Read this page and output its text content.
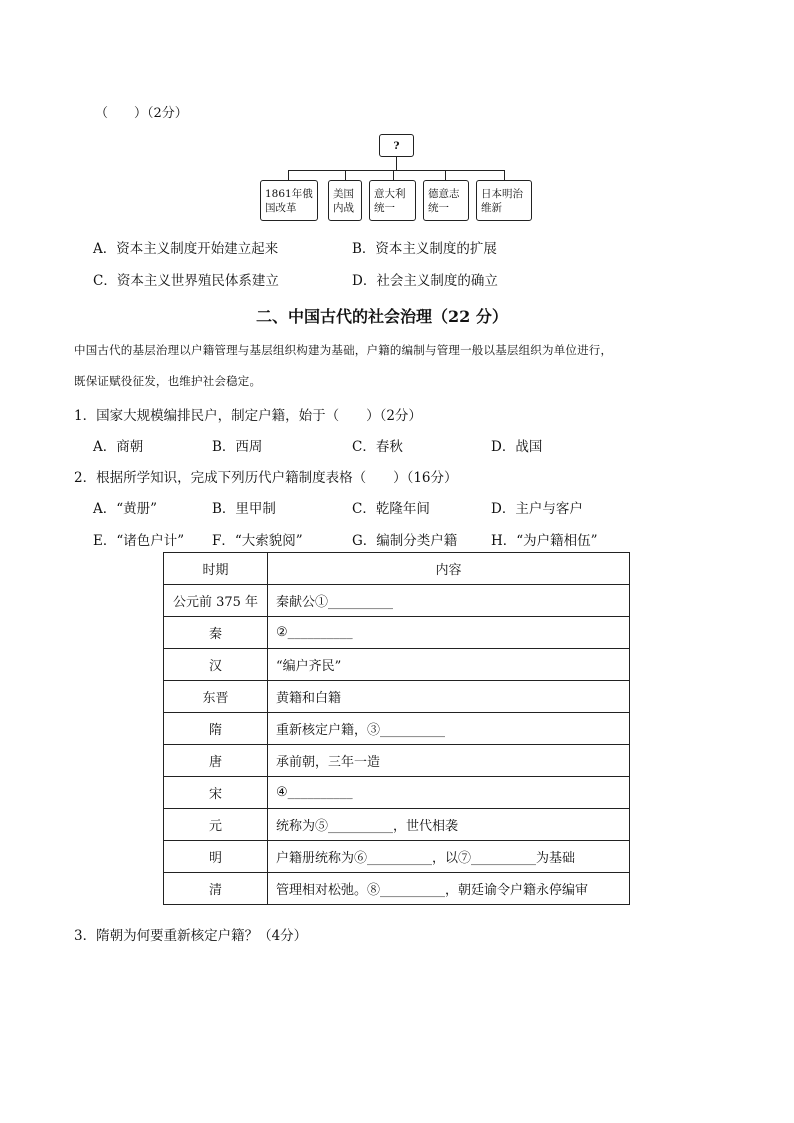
（　　）（2分）
?
1861年俄
国改革
美国
内战
意大利
统一
德意志
统一
日本明治
维新
A．资本主义制度开始建立起来	B．资本主义制度的扩展
C．资本主义世界殖民体系建立	D．社会主义制度的确立
二、中国古代的社会治理（22 分）
中国古代的基层治理以户籍管理与基层组织构建为基础，户籍的编制与管理一般以基层组织为单位进行，
既保证赋役征发，也维护社会稳定。
1．国家大规模编排民户，制定户籍，始于（　　）（2分）
A．商朝	B．西周	C．春秋	D．战国
2．根据所学知识，完成下列历代户籍制度表格（　　）（16分）
A．“黄册”	B．里甲制	C．乾隆年间	D．主户与客户
E．“诸色户计” F．“大索貌阅”	G．编制分类户籍 H．“为户籍相伍”
时期	内容
公元前 375 年	秦献公①__________
秦	②__________
汉	“编户齐民”
东晋	黄籍和白籍
隋	重新核定户籍，③__________
唐	承前朝，三年一造
宋	④__________
元	统称为⑤__________，世代相袭
明	户籍册统称为⑥__________，以⑦__________为基础
清	管理相对松弛。⑧__________，朝廷谕令户籍永停编审
3．隋朝为何要重新核定户籍？（4分）
